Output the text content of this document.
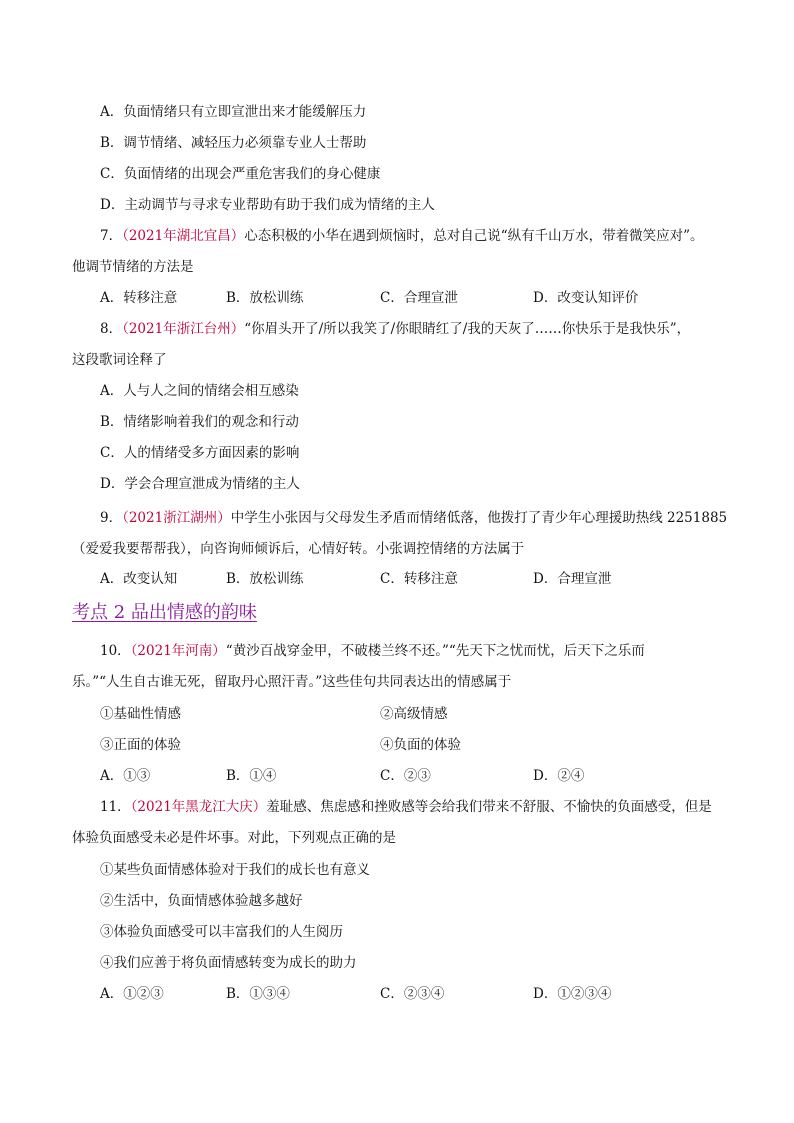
A．负面情绪只有立即宣泄出来才能缓解压力
B．调节情绪、减轻压力必须靠专业人士帮助
C．负面情绪的出现会严重危害我们的身心健康
D．主动调节与寻求专业帮助有助于我们成为情绪的主人
7．（2021年湖北宜昌）心态积极的小华在遇到烦恼时，总对自己说“纵有千山万水，带着微笑应对”。
他调节情绪的方法是
A．转移注意	B．放松训练	C．合理宣泄	D．改变认知评价
8．（2021年浙江台州）“你眉头开了/所以我笑了/你眼睛红了/我的天灰了……你快乐于是我快乐”，
这段歌词诠释了
A．人与人之间的情绪会相互感染
B．情绪影响着我们的观念和行动
C．人的情绪受多方面因素的影响
D．学会合理宣泄成为情绪的主人
9．（2021浙江湖州）中学生小张因与父母发生矛盾而情绪低落，他拨打了青少年心理援助热线 2251885
（爱爱我要帮帮我），向咨询师倾诉后，心情好转。小张调控情绪的方法属于
A．改变认知	B．放松训练	C．转移注意	D．合理宣泄
考点 2 品出情感的韵味
10．（2021年河南）“黄沙百战穿金甲，不破楼兰终不还。”“先天下之忧而忧，后天下之乐而
乐。”“人生自古谁无死，留取丹心照汗青。”这些佳句共同表达出的情感属于
①基础性情感	②高级情感
③正面的体验	④负面的体验
A．①③	B．①④	C．②③	D．②④
11．（2021年黑龙江大庆）羞耻感、焦虑感和挫败感等会给我们带来不舒服、不愉快的负面感受，但是
体验负面感受未必是件坏事。对此，下列观点正确的是
①某些负面情感体验对于我们的成长也有意义
②生活中，负面情感体验越多越好
③体验负面感受可以丰富我们的人生阅历
④我们应善于将负面情感转变为成长的助力
A．①②③	B．①③④	C．②③④	D．①②③④
